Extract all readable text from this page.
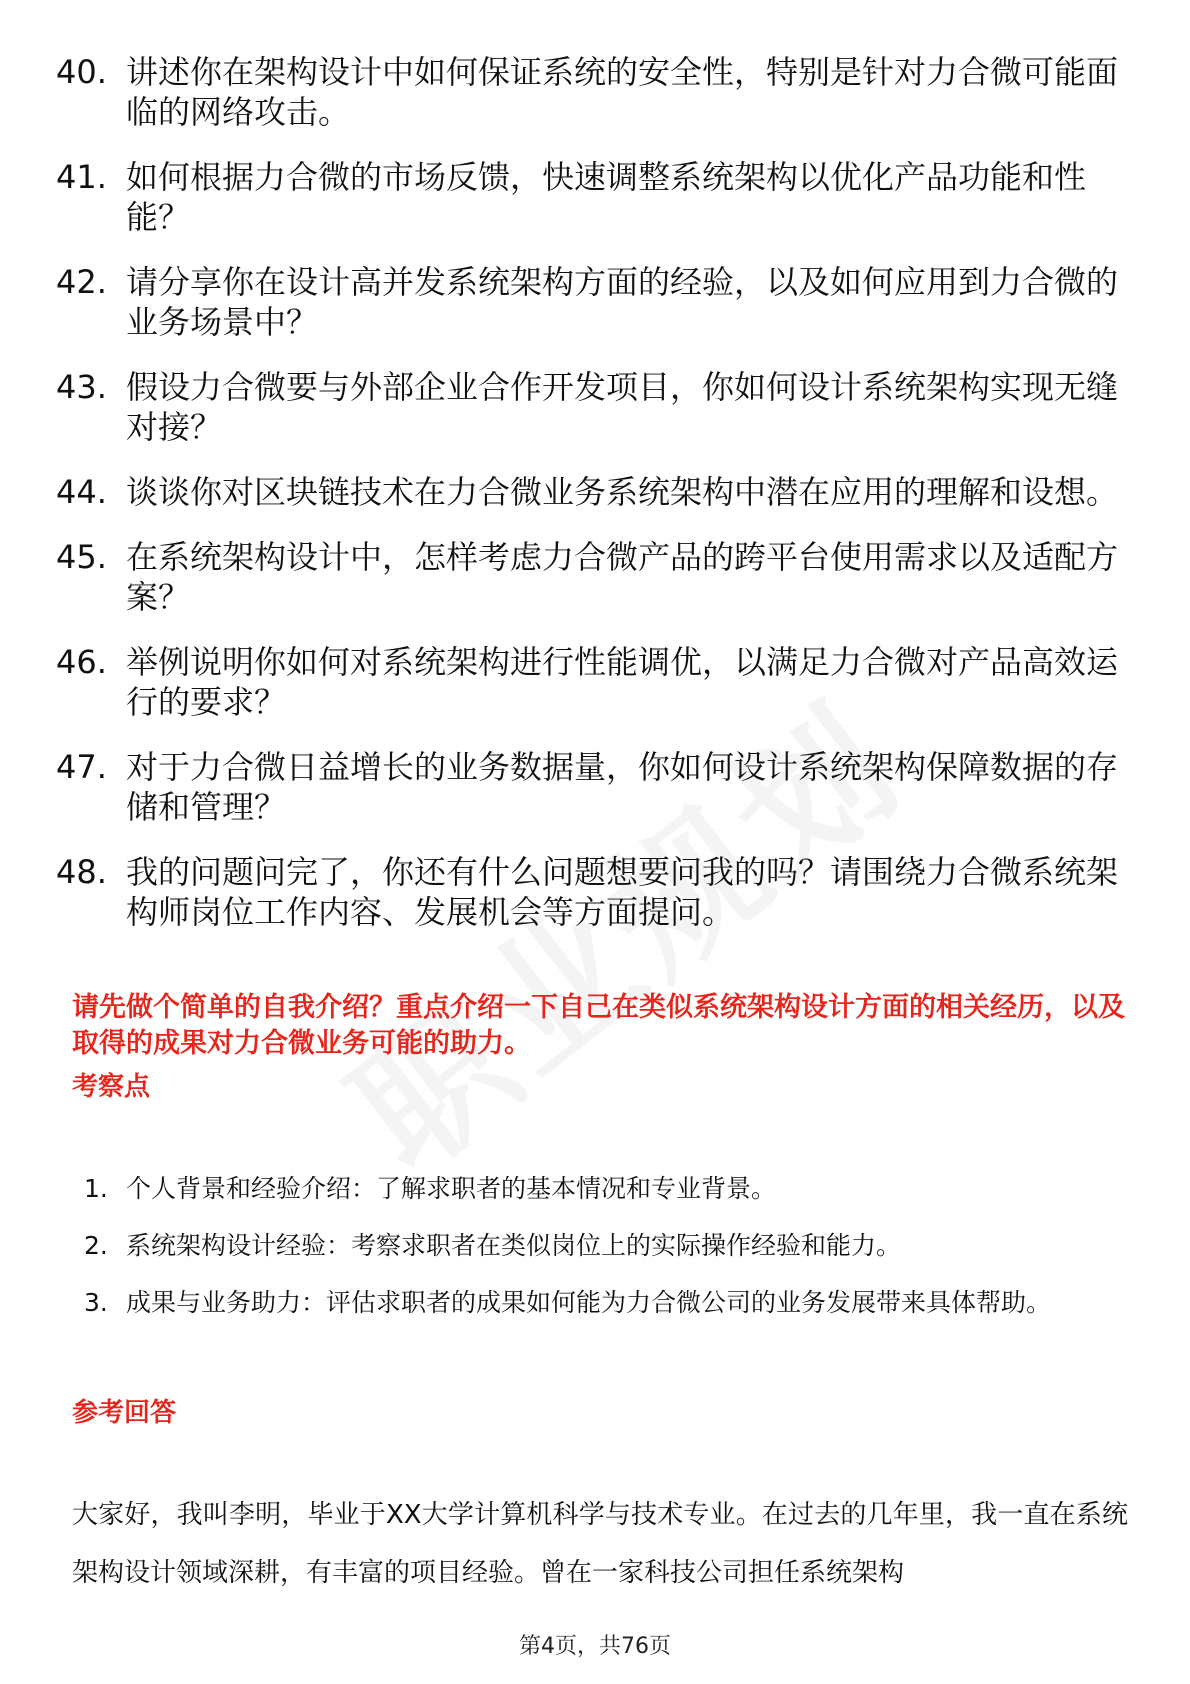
40. 讲述你在架构设计中如何保证系统的安全性，特别是针对力合微可能面临的网络攻击。
41. 如何根据力合微的市场反馈，快速调整系统架构以优化产品功能和性能？
42. 请分享你在设计高并发系统架构方面的经验，以及如何应用到力合微的业务场景中？
43. 假设力合微要与外部企业合作开发项目，你如何设计系统架构实现无缝对接？
44. 谈谈你对区块链技术在力合微业务系统架构中潜在应用的理解和设想。
45. 在系统架构设计中，怎样考虑力合微产品的跨平台使用需求以及适配方案？
46. 举例说明你如何对系统架构进行性能调优，以满足力合微对产品高效运行的要求？
47. 对于力合微日益增长的业务数据量，你如何设计系统架构保障数据的存储和管理？
48. 我的问题问完了，你还有什么问题想要问我的吗？请围绕力合微系统架构师岗位工作内容、发展机会等方面提问。

请先做个简单的自我介绍？重点介绍一下自己在类似系统架构设计方面的相关经历，以及取得的成果对力合微业务可能的助力。

考察点
1. 个人背景和经验介绍：了解求职者的基本情况和专业背景。
2. 系统架构设计经验：考察求职者在类似岗位上的实际操作经验和能力。
3. 成果与业务助力：评估求职者的成果如何能为力合微公司的业务发展带来具体帮助。
参考回答

大家好，我叫李明，毕业于XX大学计算机科学与技术专业。在过去的几年里，我一直在系统架构设计领域深耕，有丰富的项目经验。曾在一家科技公司担任系统架构

第4页，共76页
